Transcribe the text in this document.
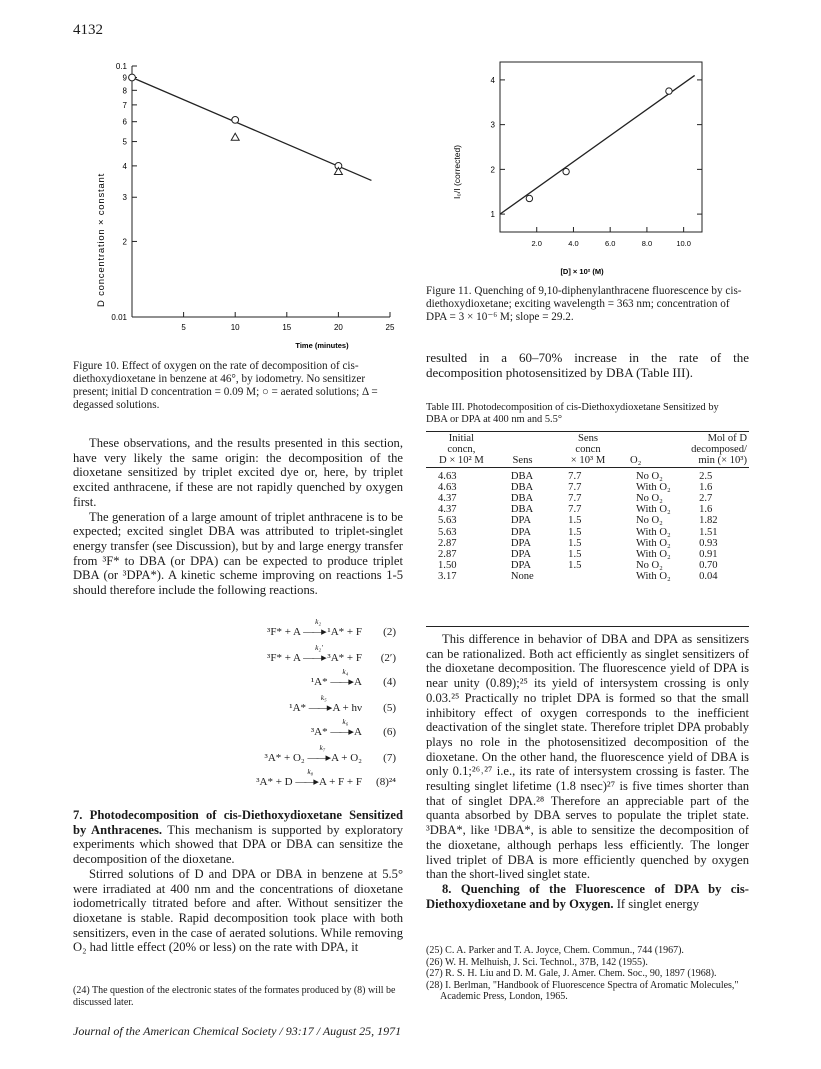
4132
0.1
9
8
7
6
5
4
3
2
0.01
5	10	15	20	25
D concentration × constant
Time (minutes)
Figure 10. Effect of oxygen on the rate of decomposition of cis-diethoxydioxetane in benzene at 46°, by iodometry. No sensitizer present; initial D concentration = 0.09 M; ○ = aerated solutions; Δ = degassed solutions.
1
2
3
4
2.0	4.0	6.0	8.0	10.0
I₀/I (corrected)
[D] × 10² (M)
Figure 11. Quenching of 9,10-diphenylanthracene fluorescence by cis-diethoxydioxetane; exciting wavelength = 363 nm; concentration of DPA = 3 × 10⁻⁶ M; slope = 29.2.

These observations, and the results presented in this section, have very likely the same origin: the decomposition of the dioxetane sensitized by triplet excited dye or, here, by triplet excited anthracene, if these are not rapidly quenched by oxygen first.

The generation of a large amount of triplet anthracene is to be expected; excited singlet DBA was attributed to triplet-singlet energy transfer (see Discussion), but by and large energy transfer from ³F* to DBA (or DPA) can be expected to produce triplet DBA (or ³DPA*). A kinetic scheme improving on reactions 1-5 should therefore include the following reactions.

³F* + A
k₂
——▸ ¹A* + F	(2)
³F* + A
k₂′
——▸ ³A* + F	(2′)
¹A*
k₄
——▸ A	(4)
¹A*
k₅
——▸ A + hν	(5)
³A*
k₆
——▸ A	(6)
³A* + O₂
k₇
——▸ A + O₂	(7)
³A* + D
k₈
——▸ A + F + F	(8)²⁴

7. Photodecomposition of cis-Diethoxydioxetane Sensitized by Anthracenes. This mechanism is supported by exploratory experiments which showed that DPA or DBA can sensitize the decomposition of the dioxetane.

Stirred solutions of D and DPA or DBA in benzene at 5.5° were irradiated at 400 nm and the concentrations of dioxetane iodometrically titrated before and after. Without sensitizer the dioxetane is stable. Rapid decomposition took place with both sensitizers, even in the case of aerated solutions. While removing O₂ had little effect (20% or less) on the rate with DPA, it

(24) The question of the electronic states of the formates produced by (8) will be discussed later.
resulted in a 60–70% increase in the rate of the decomposition photosensitized by DBA (Table III).
Table III. Photodecomposition of cis-Diethoxydioxetane Sensitized by DBA or DPA at 400 nm and 5.5°
Initial		Sens		Mol of D
concn,		concn		decomposed/
D × 10² M	Sens	× 10³ M	O₂	min (× 10³)
4.63	DBA	7.7	No O₂	2.5
4.63	DBA	7.7	With O₂	1.6
4.37	DBA	7.7	No O₂	2.7
4.37	DBA	7.7	With O₂	1.6
5.63	DPA	1.5	No O₂	1.82
5.63	DPA	1.5	With O₂	1.51
2.87	DPA	1.5	With O₂	0.93
2.87	DPA	1.5	With O₂	0.91
1.50	DPA	1.5	No O₂	0.70
3.17	None		With O₂	0.04

This difference in behavior of DBA and DPA as sensitizers can be rationalized. Both act efficiently as singlet sensitizers of the dioxetane decomposition. The fluorescence yield of DPA is near unity (0.89);²⁵ its yield of intersystem crossing is only 0.03.²⁵ Practically no triplet DPA is formed so that the small inhibitory effect of oxygen corresponds to the inefficient deactivation of the singlet state. Therefore triplet DPA probably plays no role in the photosensitized decomposition of the dioxetane. On the other hand, the fluorescence yield of DBA is only 0.1;²⁶˒²⁷ i.e., its rate of intersystem crossing is faster. The resulting singlet lifetime (1.8 nsec)²⁷ is five times shorter than that of singlet DPA.²⁸ Therefore an appreciable part of the quanta absorbed by DBA serves to populate the triplet state. ³DBA*, like ¹DBA*, is able to sensitize the decomposition of the dioxetane, although perhaps less efficiently. The longer lived triplet of DBA is more efficiently quenched by oxygen than the short-lived singlet state.

8. Quenching of the Fluorescence of DPA by cis-Diethoxydioxetane and by Oxygen. If singlet energy

(25) C. A. Parker and T. A. Joyce, Chem. Commun., 744 (1967).
(26) W. H. Melhuish, J. Sci. Technol., 37B, 142 (1955).
(27) R. S. H. Liu and D. M. Gale, J. Amer. Chem. Soc., 90, 1897 (1968).
(28) I. Berlman, "Handbook of Fluorescence Spectra of Aromatic Molecules," Academic Press, London, 1965.
Journal of the American Chemical Society / 93:17 / August 25, 1971
